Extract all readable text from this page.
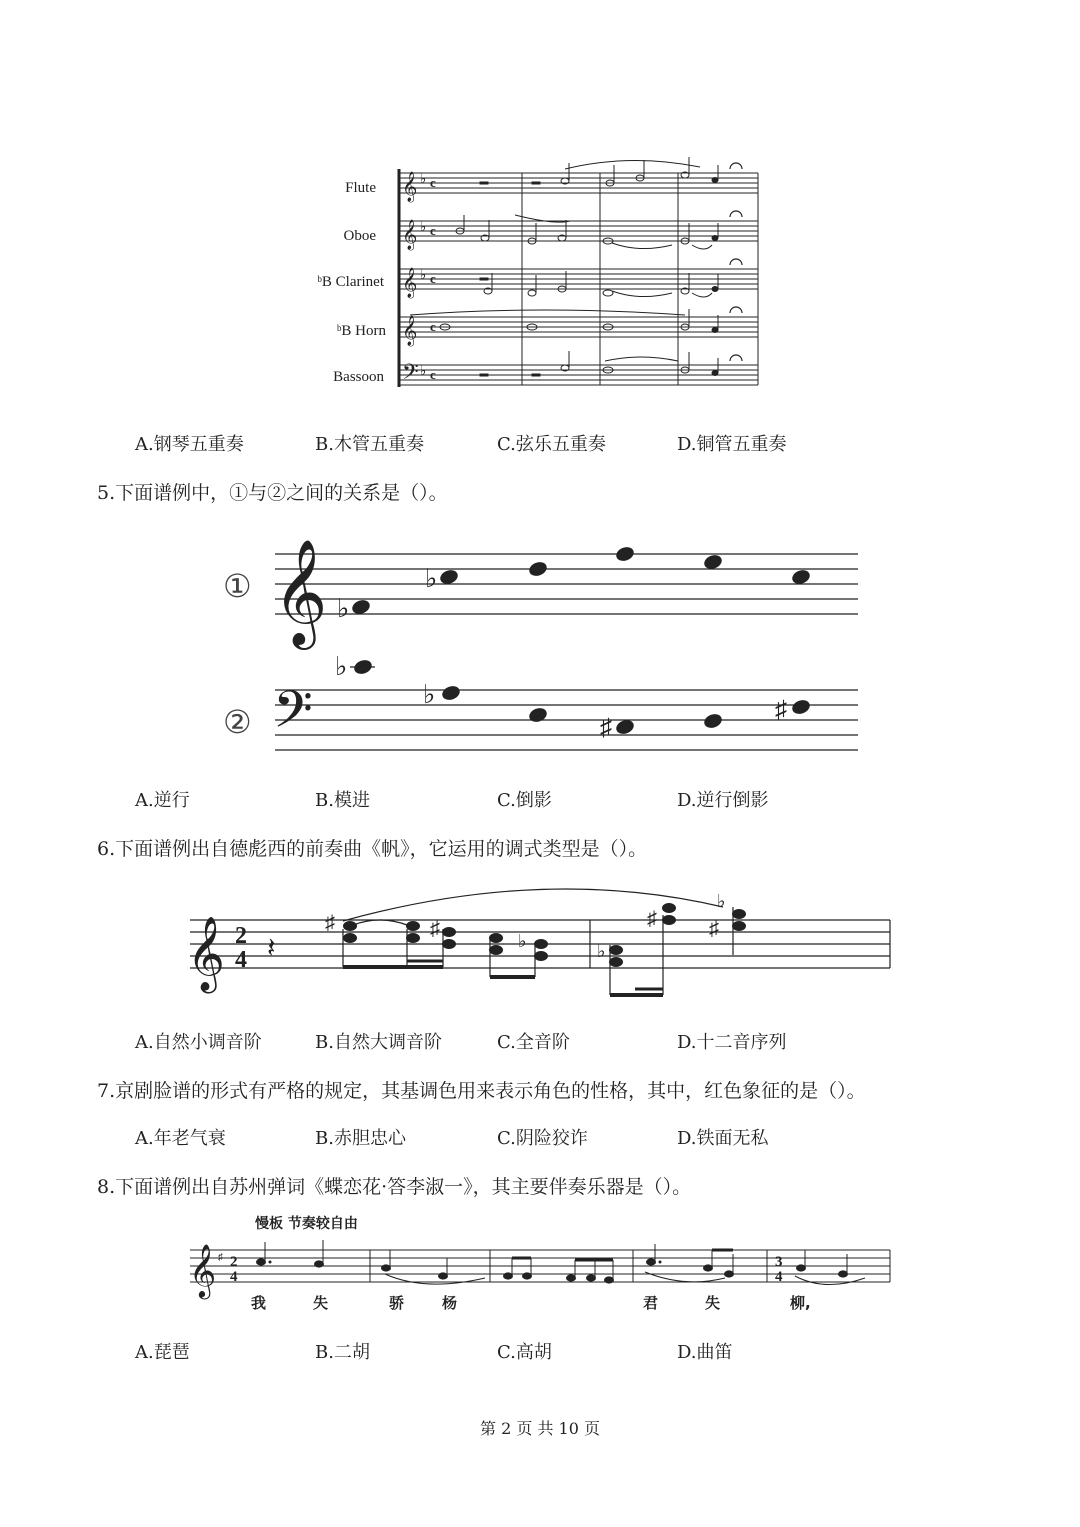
𝄞
𝄞
𝄞
𝄞
𝄢
♭
♭
♭
♭
c
c
c
c
c
Flute
Oboe
ᵇB Clarinet
ᵇB Horn
Bassoon
A.钢琴五重奏	B.木管五重奏	C.弦乐五重奏	D.铜管五重奏
5.下面谱例中，①与②之间的关系是（）。
①
②
𝄞
𝄢
♭
♭
♭
♭
♯
♯
A.逆行	B.模进	C.倒影	D.逆行倒影
6.下面谱例出自德彪西的前奏曲《帆》，它运用的调式类型是（）。
𝄞 2
4 𝄽
♯	♯
♭	♭
♯	♯
♭
A.自然小调音阶	B.自然大调音阶	C.全音阶	D.十二音序列
7.京剧脸谱的形式有严格的规定，其基调色用来表示角色的性格，其中，红色象征的是（）。
A.年老气衰	B.赤胆忠心	C.阴险狡诈	D.铁面无私
8.下面谱例出自苏州弹词《蝶恋花·答李淑一》，其主要伴奏乐器是（）。
慢板 节奏较自由
𝄞 ♯ 2
4
3
4
我	失	骄	杨	君	失	柳,
A.琵琶	B.二胡	C.高胡	D.曲笛
第 2 页 共 10 页
